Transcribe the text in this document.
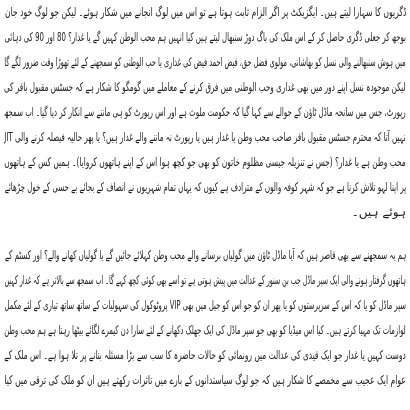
ڈگریوں کا سہارا لیتے ہیں۔ ایگزیکٹ پر اگر الزام ثابت ہوتا ہے تو اس میں لوگ انجانے میں شکار ہوئے۔ لیکن جو لوگ خود جان
بوجھ کر جعلی ڈگری حاصل کر کے اس ملک کی باگ دوڑ سنبھال لیتے ہیں کیا انہیں ہم محب الوطن کہیں گے یا غدار؟ 80 اور 90 کی دہائی
میں ہوش سنبھالنے والی نسل کو بھاشانی، مولوی فضل حق، فیض احمد فیض کی غداری یا حب الوطنی کو سمجھنے کے لئے تھوڑا وقت ضرور لگے گا
لیکن موجودہ نسل اپنے دور میں بھی غداری وحب الوطنی میں فرق کرنے کے معاملے میں گومگو کا شکار ہے کہ جسٹس مقبول باقر کی
رپورٹ، جس میں سانحہ ماڈل ٹاؤن کے حوالے سے کہا گیا کہ حکومت ملوث ہے اور اس رپورٹ کو ہی ماننے سے انکار کر دیا گیا۔ اب سمجھ
نہیں آتا کہ محترم جسٹس مقبول باقر صاحب محب وطن یا غدار ہیں یا رپورٹ نہ ماننے والے غدار ہیں؟ یا پھر حالیہ فیصلہ کرنے والی JIT
محب وطن ہے یا غدار؟ (جس نے تنزیلہ جیسی مظلوم خاتون کو بھی جو کچھ ہوا اس کے اپنے ہاتھوں کروایا)۔ ہمیں کس کے ہاتھوں
پر اپنا لہو تلاش کرنا ہے جو کہ شہر کوفہ والوں کے مترادف ہے کیوں کہ یہاں تمام شہریوں نے انصاف کے بجائے بے حسی کے خول چڑھائے
ہوئے ہیں۔
ہم یہ سمجھنے سے بھی قاصر ہیں کہ آیا ماڈل ٹاؤن میں گولیاں برسانے والے محب وطن کہلائے جائیں گے یا گولیاں کھانے والے؟ اور کسٹم کے
ہاتھوں گرفتار ہونے والی ایک سپر ماڈل جب بن سنور کے عدالت میں پیش ہوتی ہے تو اسے بھی کوئی کچھ کہے گا۔ اب سمجھ سے بالاتر ہے کہ غدار کہیں
سپر ماڈل کو یا کہ اس کے سرپرستوں کو یا پھر ان کو جو اس کو جیل میں بھی VIP پروٹوکول کی سہولیات کے ساتھ ساتھ تیاری کے لئے مکمل
لوازمات تک مہیا کرتے ہیں۔ کیا اس میڈیا کو بھی جو سپر ماڈل کی ایک جھلک دکھانے کے لئے سارا دن کیمرے لگائے بیٹھا رہتا ہے ہم محب وطن
دوست کہیں یا غدار جو ایک قیدی کی عدالت میں رونمائی کو حالات حاضرہ کا سب سے بڑا مسئلہ بنانے پر تلا ہوا ہے۔ اس ملک کے
عوام ایک عجیب سے مخمصے کا شکار ہیں کہ جو لوگ سیاستدانوں کے بارے میں تاثرات رکھتے ہیں ان کو ملک کی ترقی میں کیا
